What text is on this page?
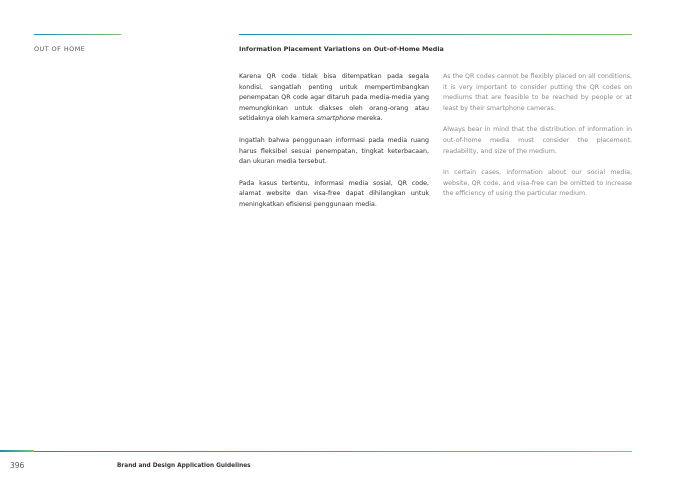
OUT OF HOME	Information Placement Variations on Out-of-Home Media

Karena QR code tidak bisa ditempatkan pada segala kondisi, sangatlah penting untuk mempertimbangkan penempatan QR code agar ditaruh pada media-media yang memungkinkan untuk diakses oleh orang-orang atau setidaknya oleh kamera smartphone mereka.

Ingatlah bahwa penggunaan informasi pada media ruang harus fleksibel sesuai penempatan, tingkat keterbacaan, dan ukuran media tersebut.

Pada kasus tertentu, informasi media sosial, QR code, alamat website dan visa-free dapat dihilangkan untuk meningkatkan efisiensi penggunaan media.

As the QR codes cannot be flexibly placed on all conditions, it is very important to consider putting the QR codes on mediums that are feasible to be reached by people or at least by their smartphone cameras.

Always bear in mind that the distribution of information in out-of-home media must consider the placement, readability, and size of the medium.

In certain cases, information about our social media, website, QR code, and visa-free can be omitted to increase the efficiency of using the particular medium.

396	Brand and Design Application Guidelines
